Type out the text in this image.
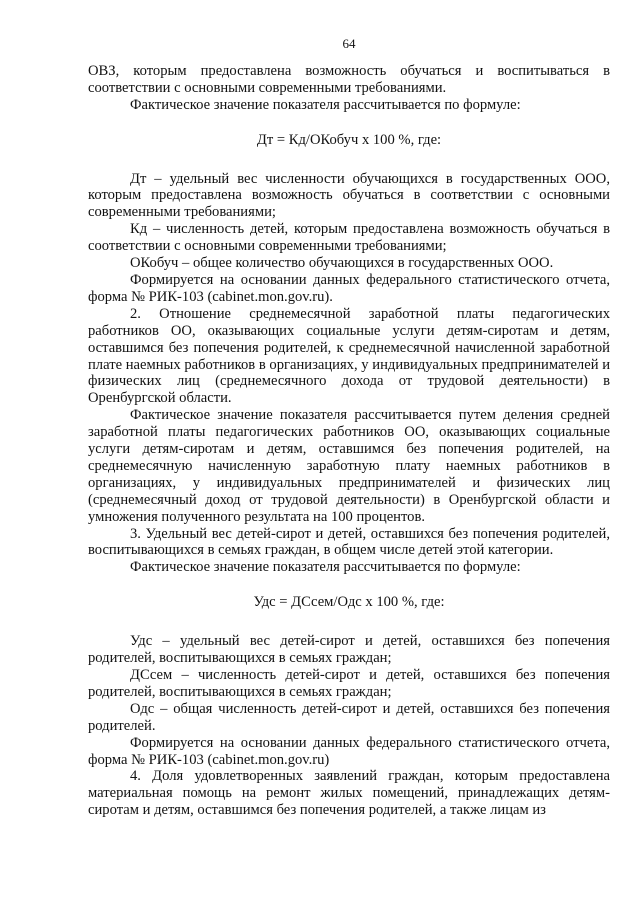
64

ОВЗ, которым предоставлена возможность обучаться и воспитываться в соответствии с основными современными требованиями.

Фактическое значение показателя рассчитывается по формуле:

Дт = Кд/ОКобуч х 100 %, где:

Дт – удельный вес численности обучающихся в государственных ООО, которым предоставлена возможность обучаться в соответствии с основными современными требованиями;

Кд – численность детей, которым предоставлена возможность обучаться в соответствии с основными современными требованиями;

ОКобуч – общее количество обучающихся в государственных ООО.

Формируется на основании данных федерального статистического отчета, форма № РИК-103 (cabinet.mon.gov.ru).

2. Отношение среднемесячной заработной платы педагогических работников ОО, оказывающих социальные услуги детям-сиротам и детям, оставшимся без попечения родителей, к среднемесячной начисленной заработной плате наемных работников в организациях, у индивидуальных предпринимателей и физических лиц (среднемесячного дохода от трудовой деятельности) в Оренбургской области.

Фактическое значение показателя рассчитывается путем деления средней заработной платы педагогических работников ОО, оказывающих социальные услуги детям-сиротам и детям, оставшимся без попечения родителей, на среднемесячную начисленную заработную плату наемных работников в организациях, у индивидуальных предпринимателей и физических лиц (среднемесячный доход от трудовой деятельности) в Оренбургской области и умножения полученного результата на 100 процентов.

3. Удельный вес детей-сирот и детей, оставшихся без попечения родителей, воспитывающихся в семьях граждан, в общем числе детей этой категории.

Фактическое значение показателя рассчитывается по формуле:

Удс = ДСсем/Одс х 100 %, где:

Удс – удельный вес детей-сирот и детей, оставшихся без попечения родителей, воспитывающихся в семьях граждан;

ДСсем – численность детей-сирот и детей, оставшихся без попечения родителей, воспитывающихся в семьях граждан;

Одс – общая численность детей-сирот и детей, оставшихся без попечения родителей.

Формируется на основании данных федерального статистического отчета, форма № РИК-103 (cabinet.mon.gov.ru)

4. Доля удовлетворенных заявлений граждан, которым предоставлена материальная помощь на ремонт жилых помещений, принадлежащих детям-сиротам и детям, оставшимся без попечения родителей, а также лицам из
